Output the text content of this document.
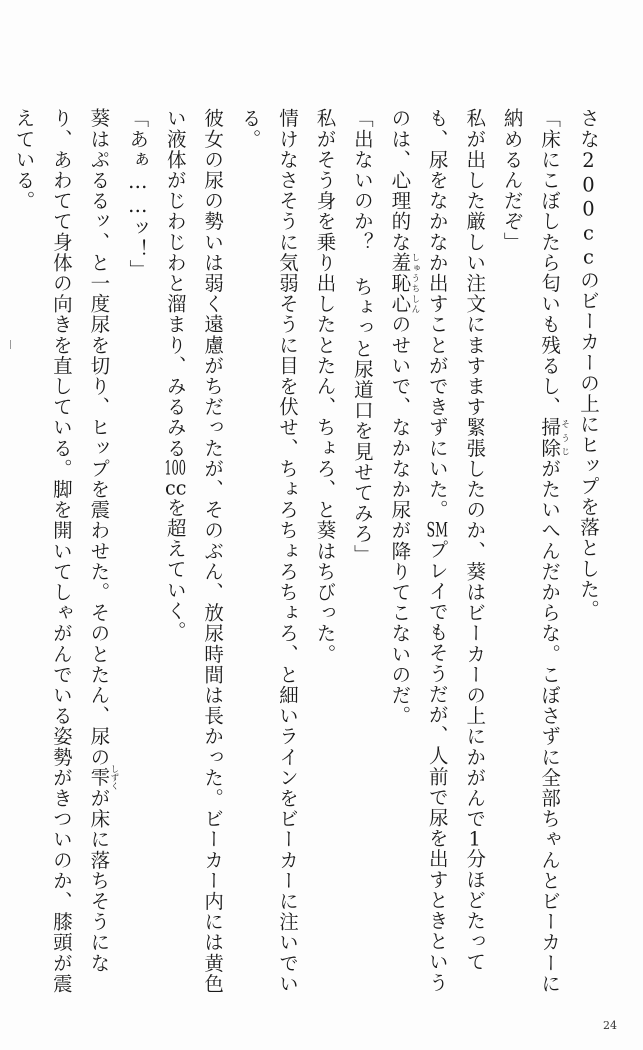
さな200ccのビーカーの上にヒップを落とした。

「床にこぼしたら匂いも残るし、掃除そうじがたいへんだからな。こぼさずに全部ちゃんとビーカーに納めるんだぞ」

私が出した厳しい注文にますます緊張したのか、葵はビーカーの上にかがんで1分ほどたっても、尿をなかなか出すことができずにいた。SMプレイでもそうだが、人前で尿を出すときというのは、心理的な羞恥心しゅうちしんのせいで、なかなか尿が降りてこないのだ。

「出ないのか？ ちょっと尿道口を見せてみろ」

私がそう身を乗り出したとたん、ちょろ、と葵はちびった。

情けなさそうに気弱そうに目を伏せ、ちょろちょろちょろ、と細いラインをビーカーに注いでいる。

彼女の尿の勢いは弱く遠慮がちだったが、そのぶん、放尿時間は長かった。ビーカー内には黄色い液体がじわじわと溜まり、みるみる100ccを超えていく。

「あぁ……ッ！」

葵はぷるるッ、と一度尿を切り、ヒップを震わせた。そのとたん、尿の雫しずくが床に落ちそうになり、あわてて身体の向きを直している。脚を開いてしゃがんでいる姿勢がきついのか、膝頭が震えている。

24
